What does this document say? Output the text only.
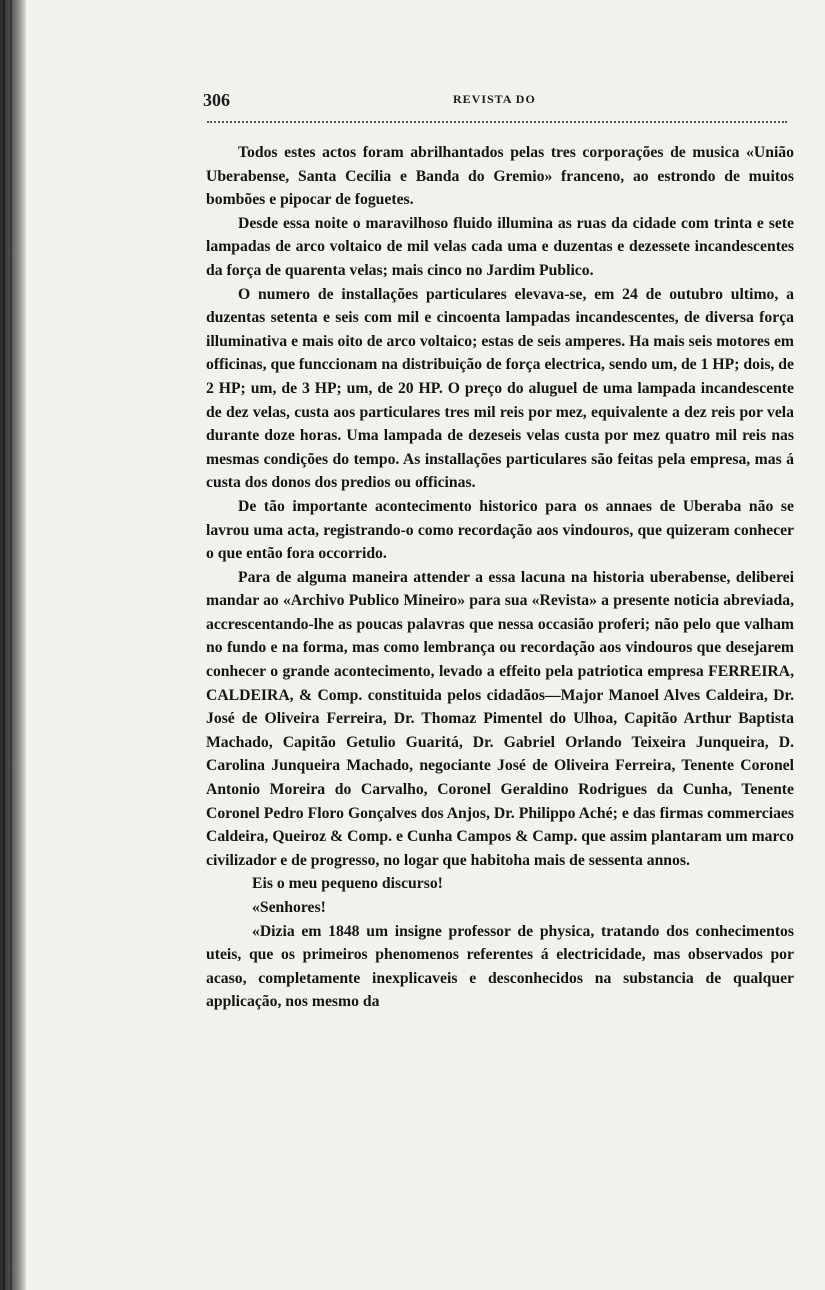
306	REVISTA DO

Todos estes actos foram abrilhantados pelas tres corporações de musica «União Uberabense, Santa Cecilia e Banda do Gremio» franceno, ao estrondo de muitos bombões e pipocar de foguetes.

Desde essa noite o maravilhoso fluido illumina as ruas da cidade com trinta e sete lampadas de arco voltaico de mil velas cada uma e duzentas e dezessete incandescentes da força de quarenta velas; mais cinco no Jardim Publico.

O numero de installações particulares elevava-se, em 24 de outubro ultimo, a duzentas setenta e seis com mil e cincoenta lampadas incandescentes, de diversa força illuminativa e mais oito de arco voltaico; estas de seis amperes. Ha mais seis motores em officinas, que funccionam na distribuição de força electrica, sendo um, de 1 HP; dois, de 2 HP; um, de 3 HP; um, de 20 HP. O preço do aluguel de uma lampada incandescente de dez velas, custa aos particulares tres mil reis por mez, equivalente a dez reis por vela durante doze horas. Uma lampada de dezeseis velas custa por mez quatro mil reis nas mesmas condições do tempo. As installações particulares são feitas pela empresa, mas á custa dos donos dos predios ou officinas.

De tão importante acontecimento historico para os annaes de Uberaba não se lavrou uma acta, registrando-o como recordação aos vindouros, que quizeram conhecer o que então fora occorrido.

Para de alguma maneira attender a essa lacuna na historia uberabense, deliberei mandar ao «Archivo Publico Mineiro» para sua «Revista» a presente noticia abreviada, accrescentando-lhe as poucas palavras que nessa occasião proferi; não pelo que valham no fundo e na forma, mas como lembrança ou recordação aos vindouros que desejarem conhecer o grande acontecimento, levado a effeito pela patriotica empresa FERREIRA, CALDEIRA, & Comp. constituida pelos cidadãos—Major Manoel Alves Caldeira, Dr. José de Oliveira Ferreira, Dr. Thomaz Pimentel do Ulhoa, Capitão Arthur Baptista Machado, Capitão Getulio Guaritá, Dr. Gabriel Orlando Teixeira Junqueira, D. Carolina Junqueira Machado, negociante José de Oliveira Ferreira, Tenente Coronel Antonio Moreira do Carvalho, Coronel Geraldino Rodrigues da Cunha, Tenente Coronel Pedro Floro Gonçalves dos Anjos, Dr. Philippo Aché; e das firmas commerciaes Caldeira, Queiroz & Comp. e Cunha Campos & Camp. que assim plantaram um marco civilizador e de progresso, no logar que habitoha mais de sessenta annos.

Eis o meu pequeno discurso!

«Senhores!

«Dizia em 1848 um insigne professor de physica, tratando dos conhecimentos uteis, que os primeiros phenomenos referentes á electricidade, mas observados por acaso, completamente inexplicaveis e desconhecidos na substancia de qualquer applicação, nos mesmo da
